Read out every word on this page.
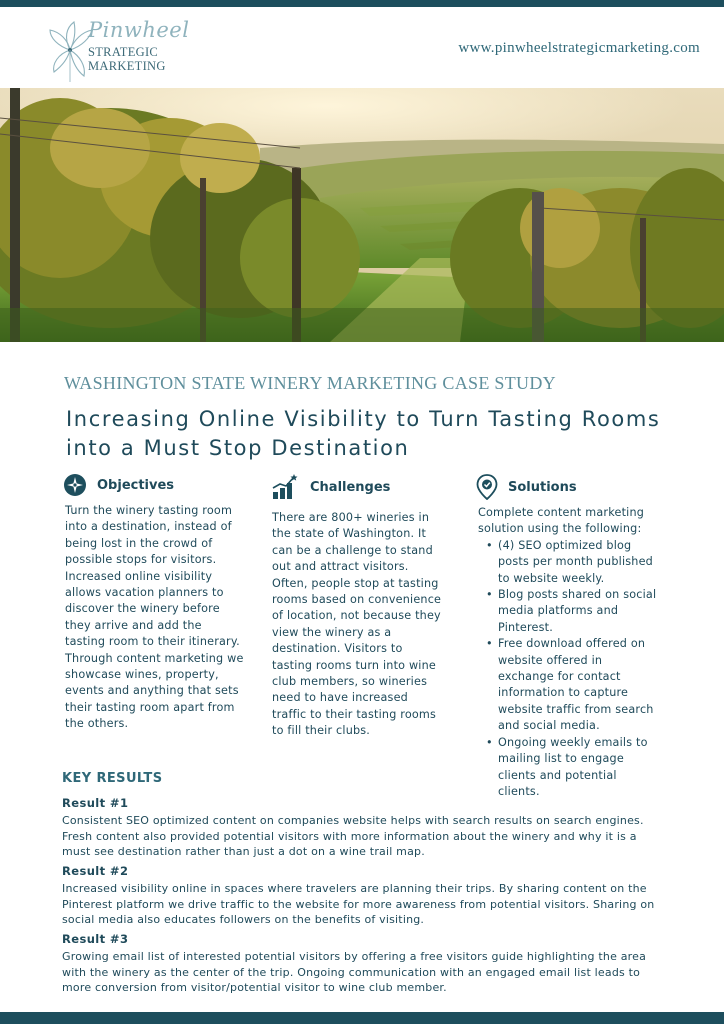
Pinwheel
STRATEGIC
MARKETING
www.pinwheelstrategicmarketing.com
WASHINGTON STATE WINERY MARKETING CASE STUDY
Increasing Online Visibility to Turn Tasting Rooms into a Must Stop Destination
Objectives
Turn the winery tasting room into a destination, instead of being lost in the crowd of possible stops for visitors. Increased online visibility allows vacation planners to discover the winery before they arrive and add the tasting room to their itinerary. Through content marketing we showcase wines, property, events and anything that sets their tasting room apart from the others.
Challenges
There are 800+ wineries in the state of Washington. It can be a challenge to stand out and attract visitors. Often, people stop at tasting rooms based on convenience of location, not because they view the winery as a destination. Visitors to tasting rooms turn into wine club members, so wineries need to have increased traffic to their tasting rooms to fill their clubs.
Solutions
Complete content marketing solution using the following:
• (4) SEO optimized blog posts per month published to website weekly.
• Blog posts shared on social media platforms and Pinterest.
• Free download offered on website offered in exchange for contact information to capture website traffic from search and social media.
• Ongoing weekly emails to mailing list to engage clients and potential clients.
KEY RESULTS
Result #1
Consistent SEO optimized content on companies website helps with search results on search engines. Fresh content also provided potential visitors with more information about the winery and why it is a must see destination rather than just a dot on a wine trail map.
Result #2
Increased visibility online in spaces where travelers are planning their trips. By sharing content on the Pinterest platform we drive traffic to the website for more awareness from potential visitors. Sharing on social media also educates followers on the benefits of visiting.
Result #3
Growing email list of interested potential visitors by offering a free visitors guide highlighting the area with the winery as the center of the trip. Ongoing communication with an engaged email list leads to more conversion from visitor/potential visitor to wine club member.
